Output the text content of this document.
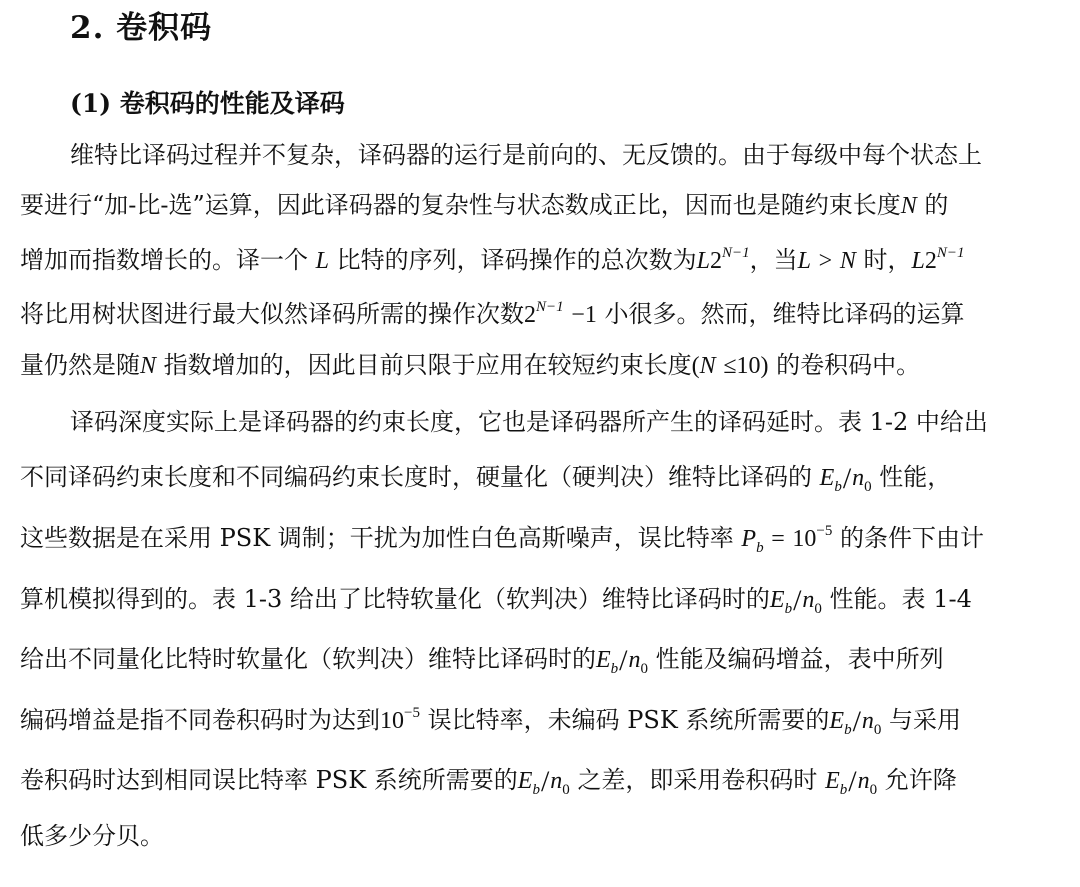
2. 卷积码
(1) 卷积码的性能及译码
维特比译码过程并不复杂，译码器的运行是前向的、无反馈的。由于每级中每个状态上
要进行“加-比-选”运算，因此译码器的复杂性与状态数成正比，因而也是随约束长度N 的
增加而指数增长的。译一个 L 比特的序列，译码操作的总次数为$L2^{N-1}$，当L > N 时，$L2^{N-1}$
将比用树状图进行最大似然译码所需的操作次数$2^{N-1} -1$ 小很多。然而，维特比译码的运算
量仍然是随N 指数增加的，因此目前只限于应用在较短约束长度(N ≤10) 的卷积码中。
译码深度实际上是译码器的约束长度，它也是译码器所产生的译码延时。表 1-2 中给出
不同译码约束长度和不同编码约束长度时，硬量化（硬判决）维特比译码的 $E_b/n_0$ 性能，
这些数据是在采用 PSK 调制；干扰为加性白色高斯噪声，误比特率 $P_b = 10^{-5}$ 的条件下由计
算机模拟得到的。表 1-3 给出了比特软量化（软判决）维特比译码时的$E_b/n_0$ 性能。表 1-4
给出不同量化比特时软量化（软判决）维特比译码时的$E_b/n_0$ 性能及编码增益，表中所列
编码增益是指不同卷积码时为达到$10^{-5}$ 误比特率，未编码 PSK 系统所需要的$E_b/n_0$ 与采用
卷积码时达到相同误比特率 PSK 系统所需要的$E_b/n_0$ 之差，即采用卷积码时 $E_b/n_0$ 允许降
低多少分贝。
